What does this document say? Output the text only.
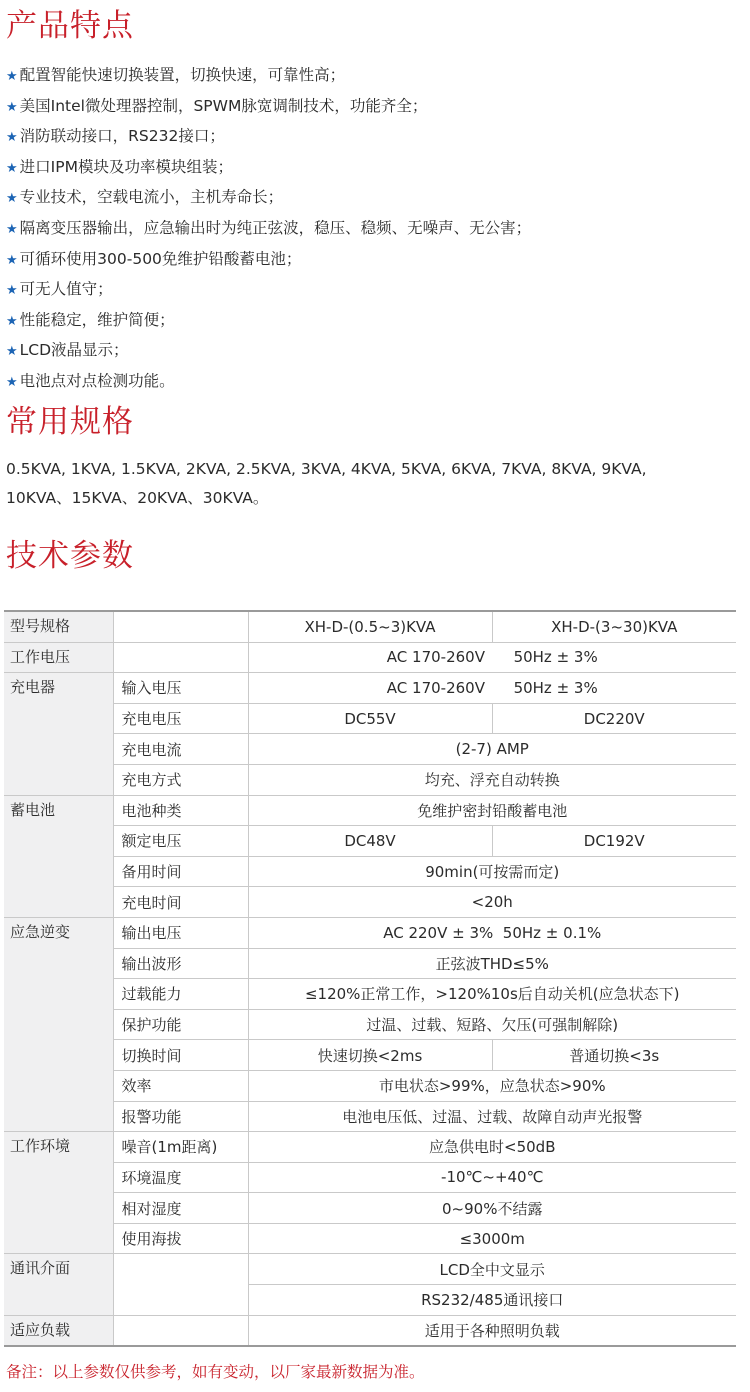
产品特点
★ 配置智能快速切换装置，切换快速，可靠性高；
★ 美国Intel微处理器控制，SPWM脉宽调制技术，功能齐全；
★ 消防联动接口，RS232接口；
★ 进口IPM模块及功率模块组装；
★ 专业技术，空载电流小，主机寿命长；
★ 隔离变压器输出，应急输出时为纯正弦波，稳压、稳频、无噪声、无公害；
★ 可循环使用300-500免维护铅酸蓄电池；
★ 可无人值守；
★ 性能稳定，维护简便；
★ LCD液晶显示；
★ 电池点对点检测功能。
常用规格
0.5KVA, 1KVA, 1.5KVA, 2KVA, 2.5KVA, 3KVA, 4KVA, 5KVA, 6KVA, 7KVA, 8KVA, 9KVA,
10KVA、15KVA、20KVA、30KVA。
技术参数
型号规格		XH-D-(0.5~3)KVA	XH-D-(3~30)KVA
工作电压		AC 170-260V      50Hz ± 3%	
充电器	输入电压	AC 170-260V      50Hz ± 3%	
	充电电压	DC55V	DC220V
	充电电流	(2-7) AMP	
	充电方式	均充、浮充自动转换	
蓄电池	电池种类	免维护密封铅酸蓄电池	
	额定电压	DC48V	DC192V
	备用时间	90min(可按需而定)	
	充电时间	<20h	
应急逆变	输出电压	AC 220V ± 3%  50Hz ± 0.1%	
	输出波形	正弦波THD≤5%	
	过载能力	≤120%正常工作，>120%10s后自动关机(应急状态下)	
	保护功能	过温、过载、短路、欠压(可强制解除)	
	切换时间	快速切换<2ms	普通切换<3s
	效率	市电状态>99%，应急状态>90%	
	报警功能	电池电压低、过温、过载、故障自动声光报警	
工作环境	噪音(1m距离)	应急供电时<50dB	
	环境温度	-10℃~+40℃	
	相对湿度	0~90%不结露	
	使用海拔	≤3000m	
通讯介面		LCD全中文显示	
		RS232/485通讯接口	
适应负载		适用于各种照明负载	
备注：以上参数仅供参考，如有变动，以厂家最新数据为准。
